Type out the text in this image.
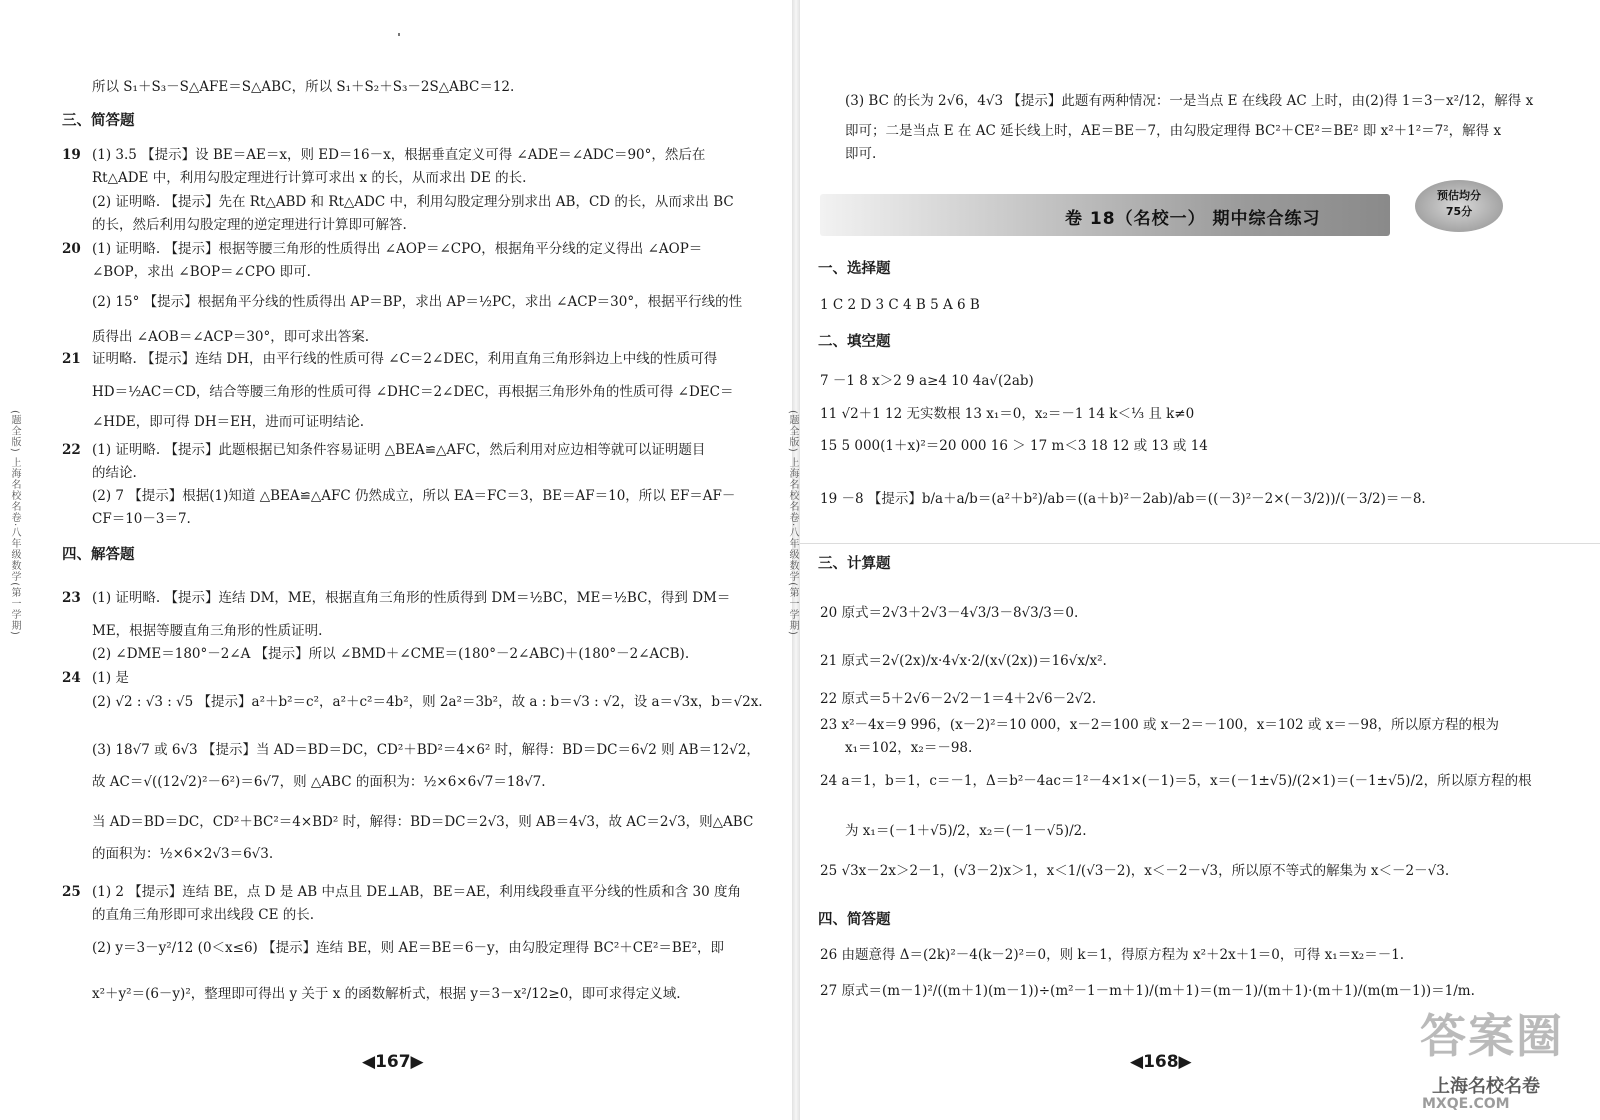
(题全版) 上海名校名卷·八年级数学(第一学期)
所以 S₁＋S₃－S△AFE＝S△ABC，所以 S₁＋S₂＋S₃－2S△ABC＝12.
(1) 3.5 【提示】设 BE＝AE＝x，则 ED＝16－x，根据垂直定义可得 ∠ADE＝∠ADC＝90°，然后在
Rt△ADE 中，利用勾股定理进行计算可求出 x 的长，从而求出 DE 的长.
(2) 证明略. 【提示】先在 Rt△ABD 和 Rt△ADC 中，利用勾股定理分别求出 AB，CD 的长，从而求出 BC
的长，然后利用勾股定理的逆定理进行计算即可解答.
(1) 证明略. 【提示】根据等腰三角形的性质得出 ∠AOP＝∠CPO，根据角平分线的定义得出 ∠AOP＝
∠BOP，求出 ∠BOP＝∠CPO 即可.
(2) 15° 【提示】根据角平分线的性质得出 AP＝BP，求出 AP＝½PC，求出 ∠ACP＝30°，根据平行线的性
质得出 ∠AOB＝∠ACP＝30°，即可求出答案.
证明略. 【提示】连结 DH，由平行线的性质可得 ∠C＝2∠DEC，利用直角三角形斜边上中线的性质可得
HD＝½AC＝CD，结合等腰三角形的性质可得 ∠DHC＝2∠DEC，再根据三角形外角的性质可得 ∠DEC＝
∠HDE，即可得 DH＝EH，进而可证明结论.
(1) 证明略. 【提示】此题根据已知条件容易证明 △BEA≌△AFC，然后利用对应边相等就可以证明题目
的结论.
(2) 7 【提示】根据(1)知道 △BEA≌△AFC 仍然成立，所以 EA＝FC＝3，BE＝AF＝10，所以 EF＝AF－
CF＝10－3＝7.
(1) 证明略. 【提示】连结 DM，ME，根据直角三角形的性质得到 DM＝½BC，ME＝½BC，得到 DM＝
ME，根据等腰直角三角形的性质证明.
(2) ∠DME＝180°－2∠A 【提示】所以 ∠BMD＋∠CME＝(180°－2∠ABC)＋(180°－2∠ACB).
(1) 是
(2) √2 : √3 : √5 【提示】a²＋b²＝c²，a²＋c²＝4b²，则 2a²＝3b²，故 a : b＝√3 : √2，设 a＝√3x，b＝√2x.
(3) 18√7 或 6√3 【提示】当 AD＝BD＝DC，CD²＋BD²＝4×6² 时，解得：BD＝DC＝6√2 则 AB＝12√2，
故 AC＝√((12√2)²－6²)＝6√7，则 △ABC 的面积为：½×6×6√7＝18√7.
当 AD＝BD＝DC，CD²＋BC²＝4×BD² 时，解得：BD＝DC＝2√3，则 AB＝4√3，故 AC＝2√3，则△ABC
的面积为：½×6×2√3＝6√3.
(1) 2 【提示】连结 BE，点 D 是 AB 中点且 DE⊥AB，BE＝AE，利用线段垂直平分线的性质和含 30 度角
的直角三角形即可求出线段 CE 的长.
(2) y＝3－y²/12 (0＜x≤6) 【提示】连结 BE，则 AE＝BE＝6－y，由勾股定理得 BC²＋CE²＝BE²，即
x²＋y²＝(6－y)²，整理即可得出 y 关于 x 的函数解析式，根据 y＝3－x²/12≥0，即可求得定义域.
三、简答题
四、解答题
19
20
21
22
23
24
25
◀167▶
(题全版) 上海名校名卷·八年级数学(第一学期)
卷 18（名校一） 期中综合练习
预估均分
75分
(3) BC 的长为 2√6，4√3 【提示】此题有两种情况：一是当点 E 在线段 AC 上时，由(2)得 1＝3－x²/12，解得 x
即可；二是当点 E 在 AC 延长线上时，AE＝BE－7，由勾股定理得 BC²＋CE²＝BE² 即 x²＋1²＝7²，解得 x
即可.
1 C 2 D 3 C 4 B 5 A 6 B
7 －1 8 x＞2 9 a≥4 10 4a√(2ab)
11 √2＋1 12 无实数根 13 x₁＝0，x₂＝－1 14 k＜⅓ 且 k≠0
15 5 000(1＋x)²＝20 000 16 ＞ 17 m＜3 18 12 或 13 或 14
19 －8 【提示】b/a＋a/b＝(a²＋b²)/ab＝((a＋b)²－2ab)/ab＝((－3)²－2×(－3/2))/(－3/2)＝－8.
20 原式＝2√3＋2√3－4√3/3－8√3/3＝0.
21 原式＝2√(2x)/x·4√x·2/(x√(2x))＝16√x/x².
22 原式＝5＋2√6－2√2－1＝4＋2√6－2√2.
23 x²－4x＝9 996，(x－2)²＝10 000，x－2＝100 或 x－2＝－100，x＝102 或 x＝－98，所以原方程的根为
x₁＝102，x₂＝－98.
24 a＝1，b＝1，c＝－1，Δ＝b²－4ac＝1²－4×1×(－1)＝5，x＝(－1±√5)/(2×1)＝(－1±√5)/2，所以原方程的根
为 x₁＝(－1＋√5)/2，x₂＝(－1－√5)/2.
25 √3x－2x＞2－1，(√3－2)x＞1，x＜1/(√3－2)，x＜－2－√3，所以原不等式的解集为 x＜－2－√3.
26 由题意得 Δ＝(2k)²－4(k－2)²＝0，则 k＝1，得原方程为 x²＋2x＋1＝0，可得 x₁＝x₂＝－1.
27 原式＝(m－1)²/((m＋1)(m－1))÷(m²－1－m＋1)/(m＋1)＝(m－1)/(m＋1)·(m＋1)/(m(m－1))＝1/m.
一、选择题
二、填空题
三、计算题
四、简答题
◀168▶	答案圈
上海名校名卷
MXQE.COM
